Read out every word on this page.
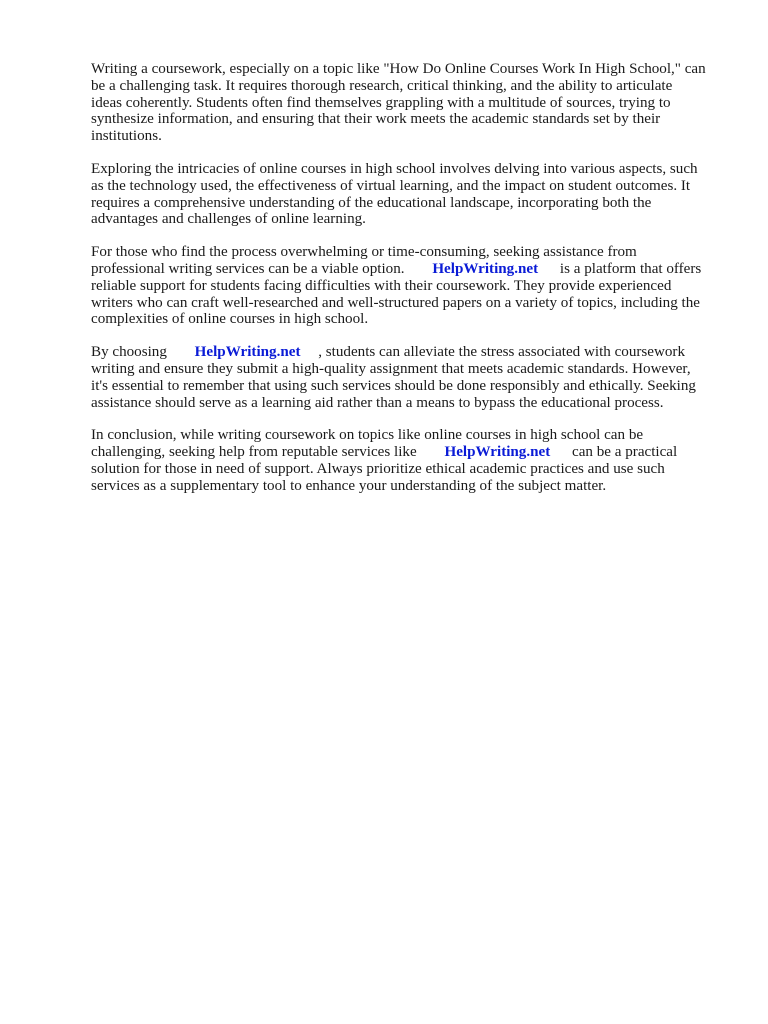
Writing a coursework, especially on a topic like "How Do Online Courses Work In High School," can
be a challenging task. It requires thorough research, critical thinking, and the ability to articulate
ideas coherently. Students often find themselves grappling with a multitude of sources, trying to
synthesize information, and ensuring that their work meets the academic standards set by their
institutions.

Exploring the intricacies of online courses in high school involves delving into various aspects, such
as the technology used, the effectiveness of virtual learning, and the impact on student outcomes. It
requires a comprehensive understanding of the educational landscape, incorporating both the
advantages and challenges of online learning.

For those who find the process overwhelming or time-consuming, seeking assistance from
professional writing services can be a viable option. HelpWriting.net is a platform that offers
reliable support for students facing difficulties with their coursework. They provide experienced
writers who can craft well-researched and well-structured papers on a variety of topics, including the
complexities of online courses in high school.

By choosing HelpWriting.net , students can alleviate the stress associated with coursework
writing and ensure they submit a high-quality assignment that meets academic standards. However,
it's essential to remember that using such services should be done responsibly and ethically. Seeking
assistance should serve as a learning aid rather than a means to bypass the educational process.

In conclusion, while writing coursework on topics like online courses in high school can be
challenging, seeking help from reputable services like HelpWriting.net can be a practical
solution for those in need of support. Always prioritize ethical academic practices and use such
services as a supplementary tool to enhance your understanding of the subject matter.
